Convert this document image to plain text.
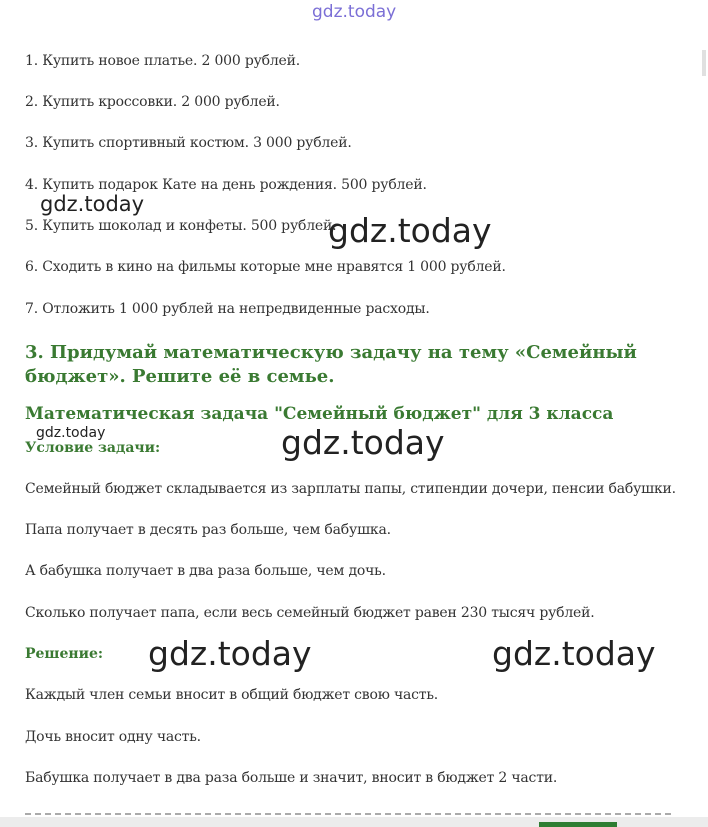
gdz.today
1. Купить новое платье. 2 000 рублей.
2. Купить кроссовки. 2 000 рублей.
3. Купить спортивный костюм. 3 000 рублей.
4. Купить подарок Кате на день рождения. 500 рублей.
5. Купить шоколад и конфеты. 500 рублей.
6. Сходить в кино на фильмы которые мне нравятся 1 000 рублей.
7. Отложить 1 000 рублей на непредвиденные расходы.
3. Придумай математическую задачу на тему «Семейный бюджет». Решите её в семье.
Математическая задача "Семейный бюджет" для 3 класса
Условие задачи:
Семейный бюджет складывается из зарплаты папы, стипендии дочери, пенсии бабушки.
Папа получает в десять раз больше, чем бабушка.
А бабушка получает в два раза больше, чем дочь.
Сколько получает папа, если весь семейный бюджет равен 230 тысяч рублей.
Решение:
Каждый член семьи вносит в общий бюджет свою часть.
Дочь вносит одну часть.
Бабушка получает в два раза больше и значит, вносит в бюджет 2 части.
gdz.today
gdz.today
gdz.today	gdz.today
gdz.today	gdz.today
